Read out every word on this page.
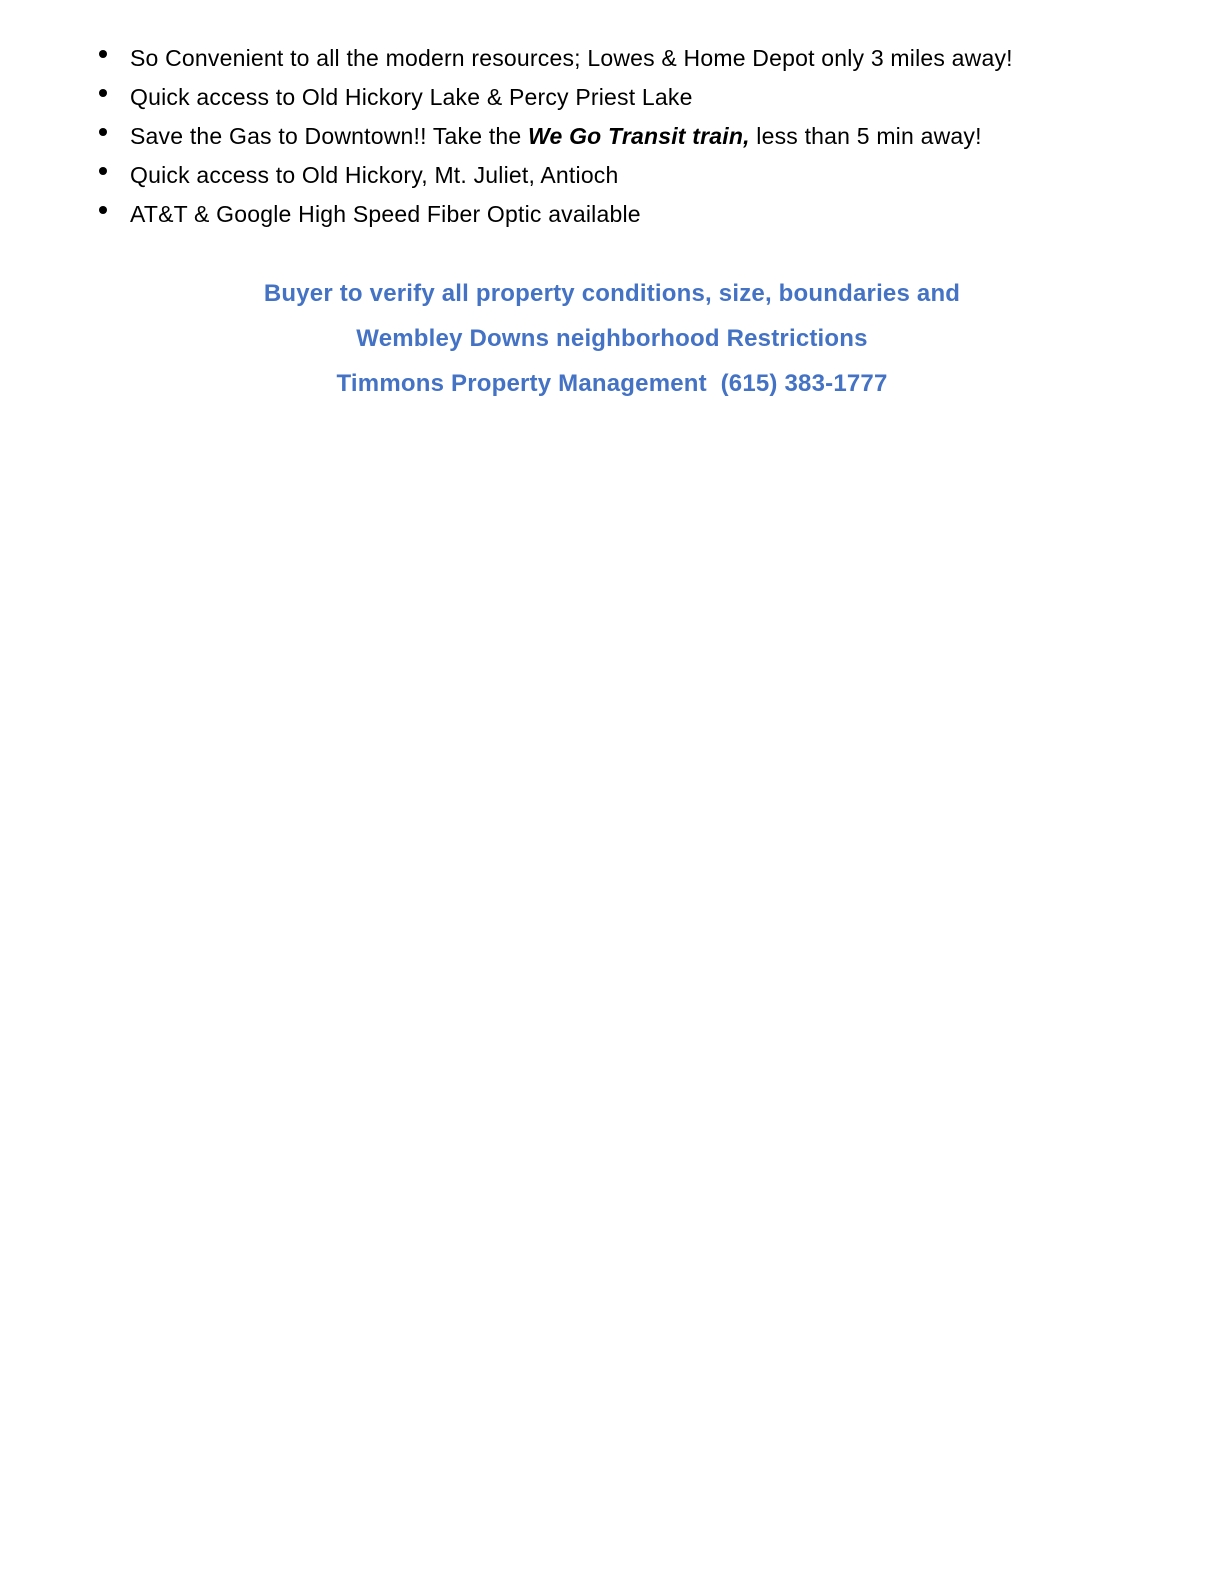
So Convenient to all the modern resources; Lowes & Home Depot only 3 miles away!
Quick access to Old Hickory Lake & Percy Priest Lake
Save the Gas to Downtown!! Take the We Go Transit train, less than 5 min away!
Quick access to Old Hickory, Mt. Juliet, Antioch
AT&T & Google High Speed Fiber Optic available

Buyer to verify all property conditions, size, boundaries and

Wembley Downs neighborhood Restrictions

Timmons Property Management  (615) 383-1777
